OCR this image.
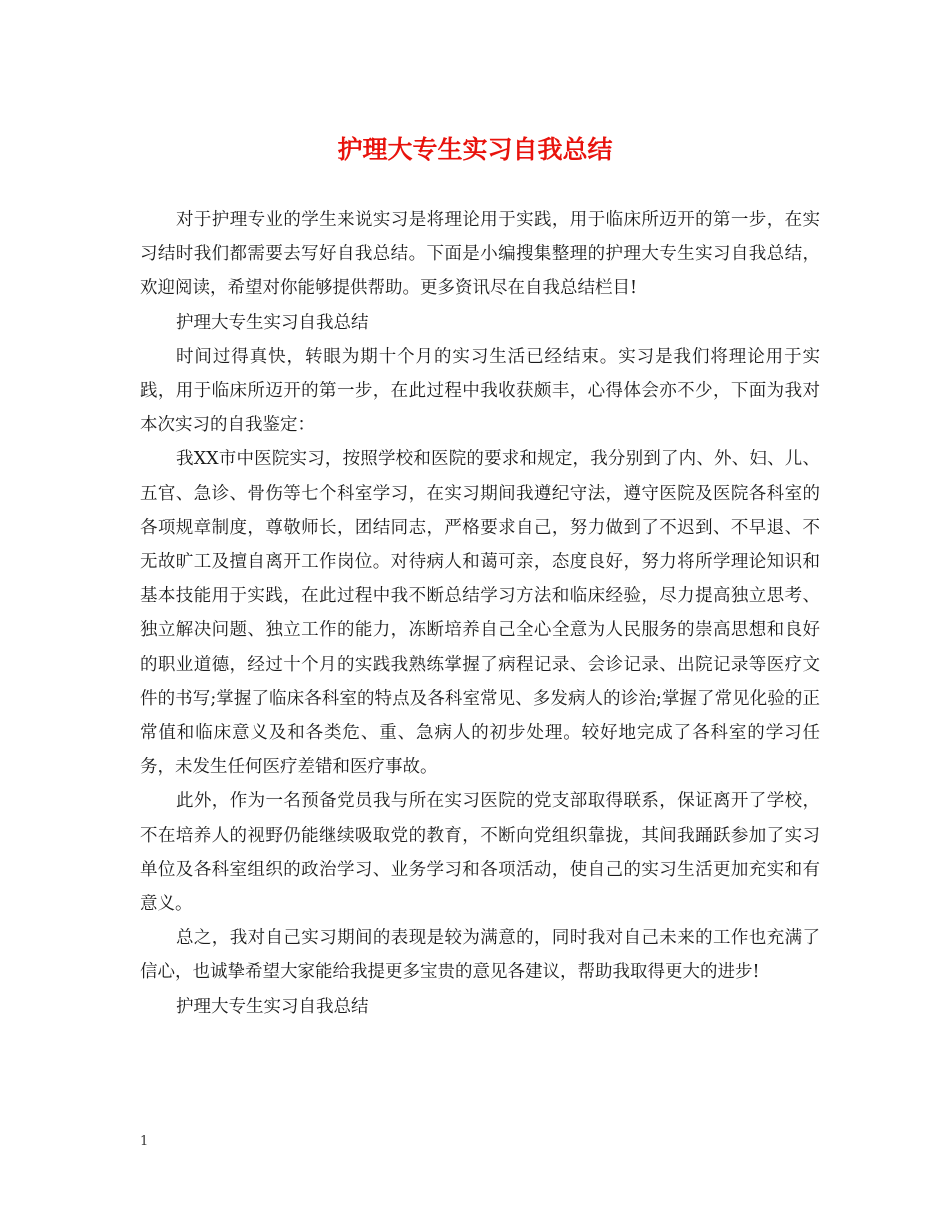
护理大专生实习自我总结

对于护理专业的学生来说实习是将理论用于实践，用于临床所迈开的第一步，在实习结时我们都需要去写好自我总结。下面是小编搜集整理的护理大专生实习自我总结，欢迎阅读，希望对你能够提供帮助。更多资讯尽在自我总结栏目!

护理大专生实习自我总结

时间过得真快，转眼为期十个月的实习生活已经结束。实习是我们将理论用于实践，用于临床所迈开的第一步，在此过程中我收获颇丰，心得体会亦不少，下面为我对本次实习的自我鉴定：

我XX市中医院实习，按照学校和医院的要求和规定，我分别到了内、外、妇、儿、五官、急诊、骨伤等七个科室学习，在实习期间我遵纪守法，遵守医院及医院各科室的各项规章制度，尊敬师长，团结同志，严格要求自己，努力做到了不迟到、不早退、不无故旷工及擅自离开工作岗位。对待病人和蔼可亲，态度良好，努力将所学理论知识和基本技能用于实践，在此过程中我不断总结学习方法和临床经验，尽力提高独立思考、独立解决问题、独立工作的能力，冻断培养自己全心全意为人民服务的崇高思想和良好的职业道德，经过十个月的实践我熟练掌握了病程记录、会诊记录、出院记录等医疗文件的书写;掌握了临床各科室的特点及各科室常见、多发病人的诊治;掌握了常见化验的正常值和临床意义及和各类危、重、急病人的初步处理。较好地完成了各科室的学习任务，未发生任何医疗差错和医疗事故。

此外，作为一名预备党员我与所在实习医院的党支部取得联系，保证离开了学校，不在培养人的视野仍能继续吸取党的教育，不断向党组织靠拢，其间我踊跃参加了实习单位及各科室组织的政治学习、业务学习和各项活动，使自己的实习生活更加充实和有意义。

总之，我对自己实习期间的表现是较为满意的，同时我对自己未来的工作也充满了信心，也诚挚希望大家能给我提更多宝贵的意见各建议，帮助我取得更大的进步!

护理大专生实习自我总结

1
